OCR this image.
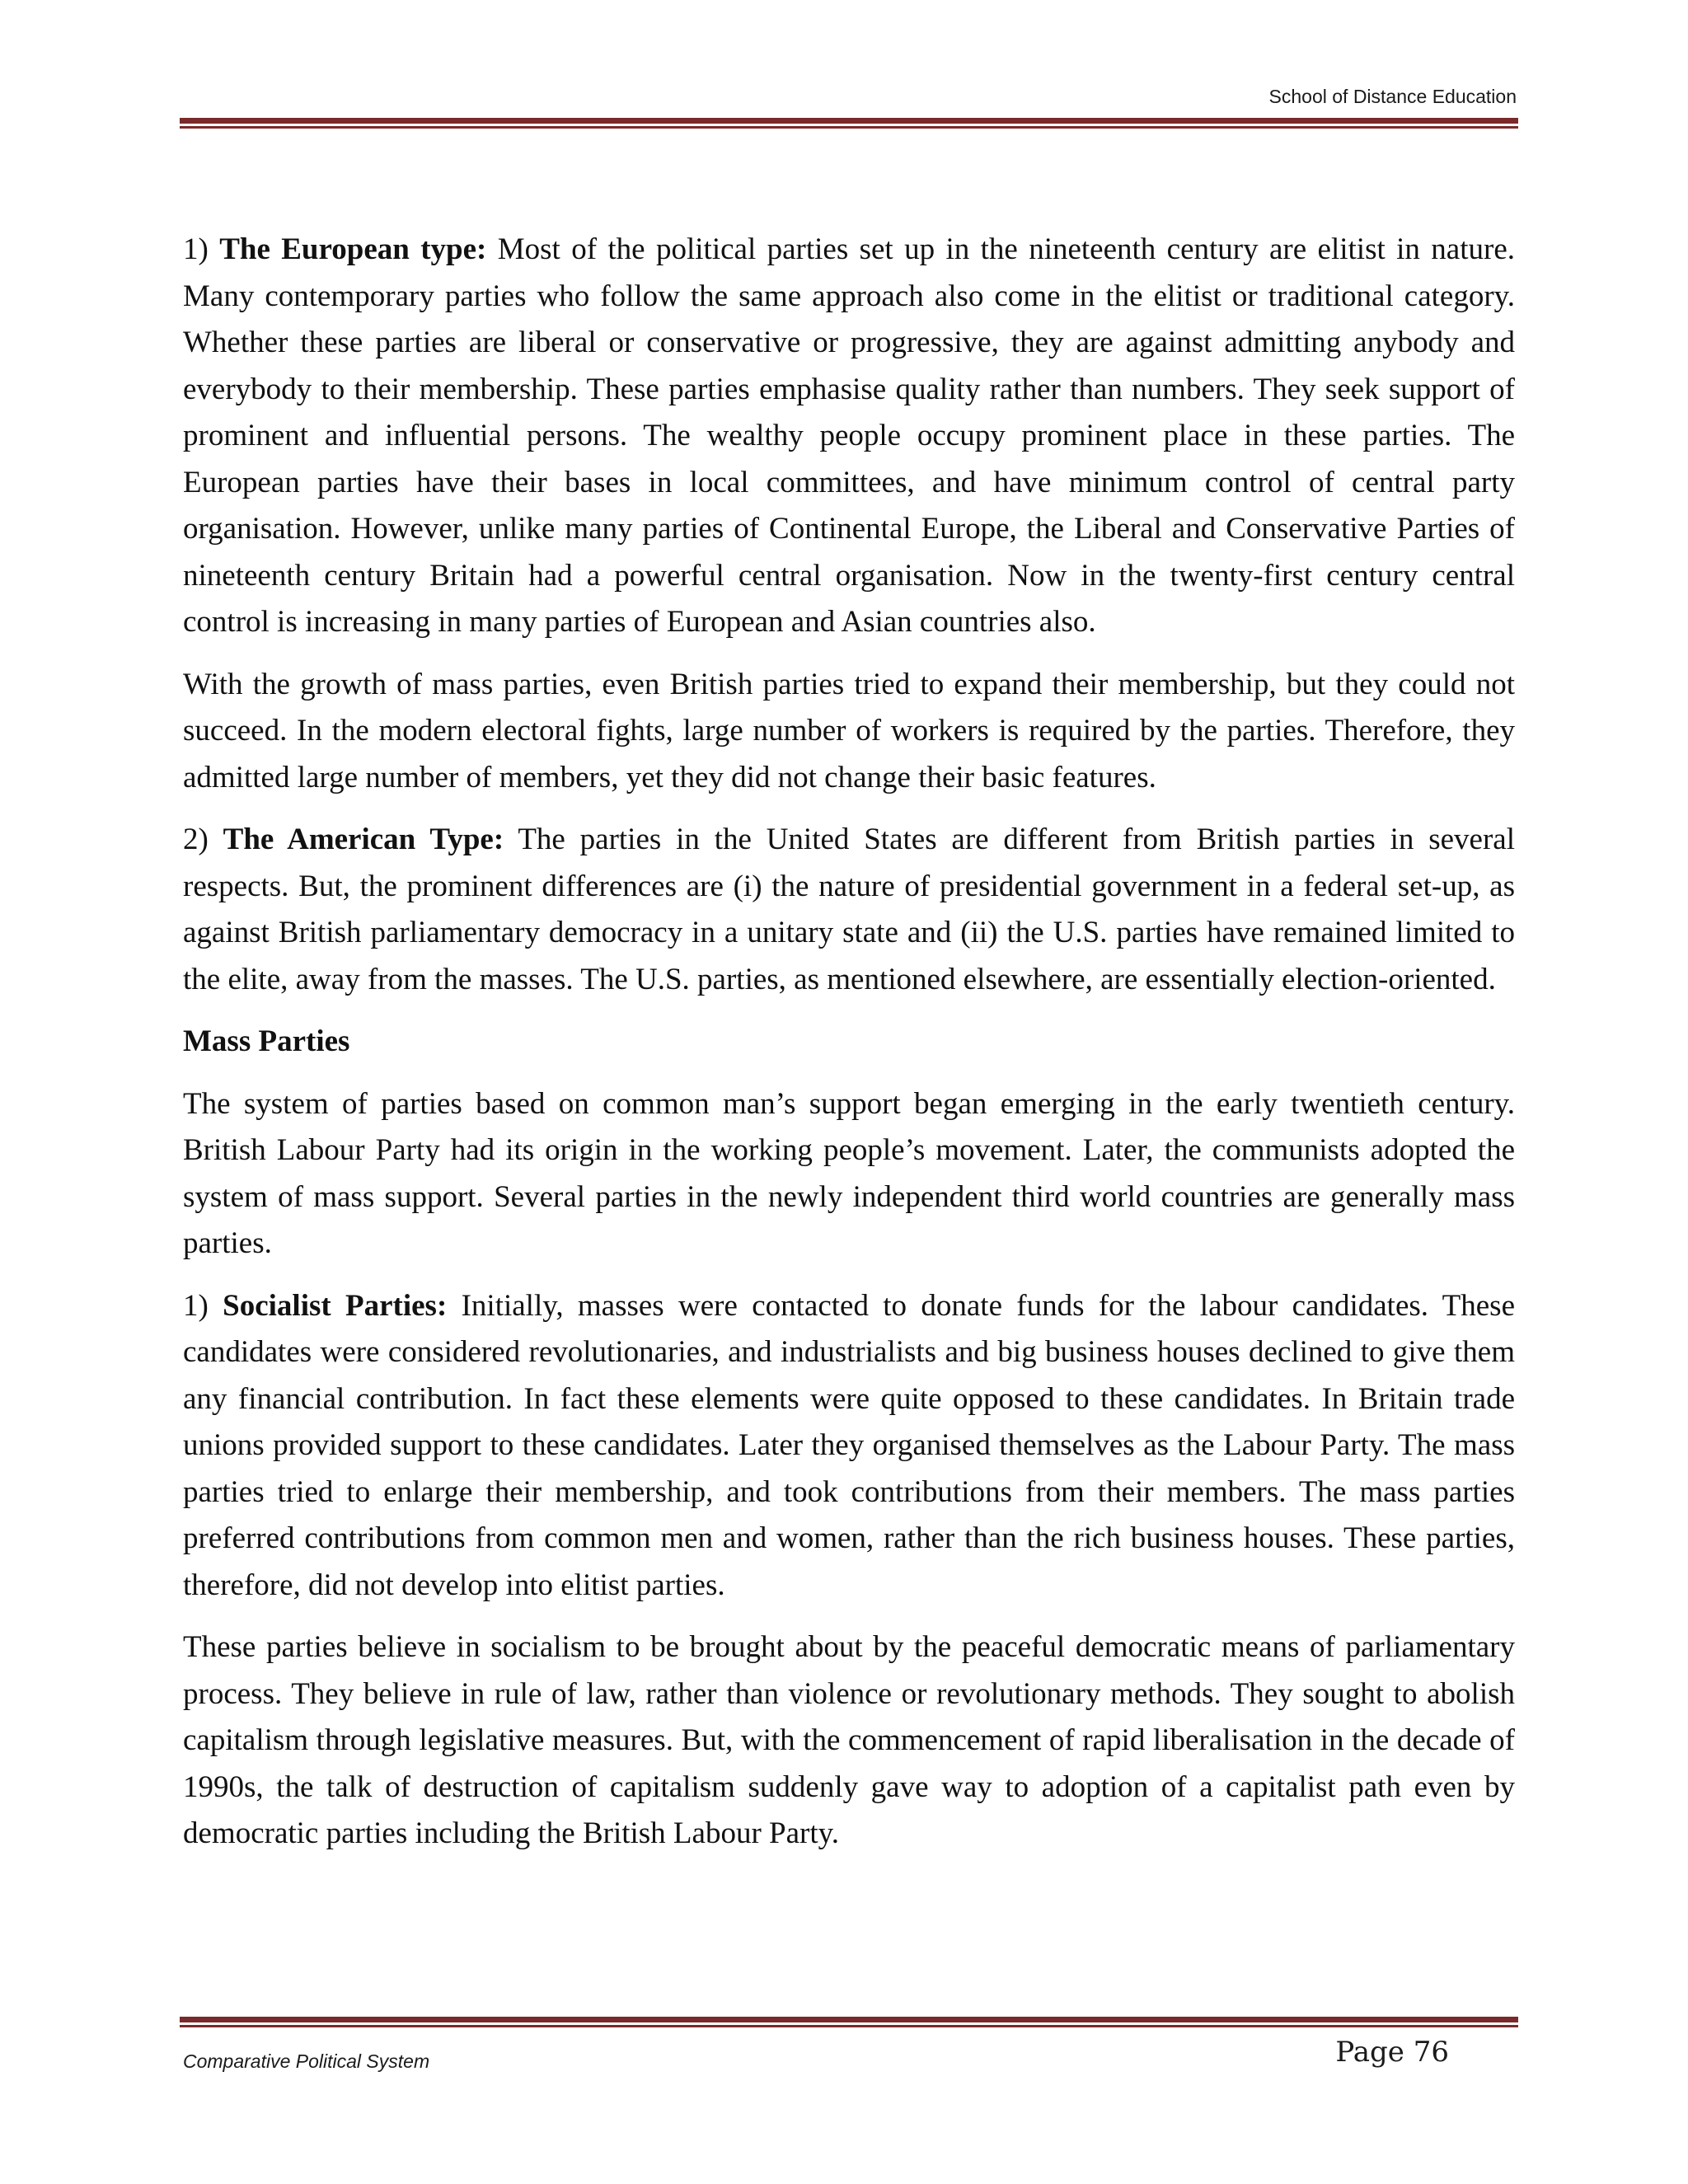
School of Distance Education

1) The European type: Most of the political parties set up in the nineteenth century are elitist in nature. Many contemporary parties who follow the same approach also come in the elitist or traditional category. Whether these parties are liberal or conservative or progressive, they are against admitting anybody and everybody to their membership. These parties emphasise quality rather than numbers. They seek support of prominent and influential persons. The wealthy people occupy prominent place in these parties. The European parties have their bases in local committees, and have minimum control of central party organisation. However, unlike many parties of Continental Europe, the Liberal and Conservative Parties of nineteenth century Britain had a powerful central organisation. Now in the twenty-first century central control is increasing in many parties of European and Asian countries also.

With the growth of mass parties, even British parties tried to expand their membership, but they could not succeed. In the modern electoral fights, large number of workers is required by the parties. Therefore, they admitted large number of members, yet they did not change their basic features.

2) The American Type: The parties in the United States are different from British parties in several respects. But, the prominent differences are (i) the nature of presidential government in a federal set-up, as against British parliamentary democracy in a unitary state and (ii) the U.S. parties have remained limited to the elite, away from the masses. The U.S. parties, as mentioned elsewhere, are essentially election-oriented.

Mass Parties

The system of parties based on common man’s support began emerging in the early twentieth century. British Labour Party had its origin in the working people’s movement. Later, the communists adopted the system of mass support. Several parties in the newly independent third world countries are generally mass parties.

1) Socialist Parties: Initially, masses were contacted to donate funds for the labour candidates. These candidates were considered revolutionaries, and industrialists and big business houses declined to give them any financial contribution. In fact these elements were quite opposed to these candidates. In Britain trade unions provided support to these candidates. Later they organised themselves as the Labour Party. The mass parties tried to enlarge their membership, and took contributions from their members. The mass parties preferred contributions from common men and women, rather than the rich business houses. These parties, therefore, did not develop into elitist parties.

These parties believe in socialism to be brought about by the peaceful democratic means of parliamentary process. They believe in rule of law, rather than violence or revolutionary methods. They sought to abolish capitalism through legislative measures. But, with the commencement of rapid liberalisation in the decade of 1990s, the talk of destruction of capitalism suddenly gave way to adoption of a capitalist path even by democratic parties including the British Labour Party.

Comparative Political System	Page 76
